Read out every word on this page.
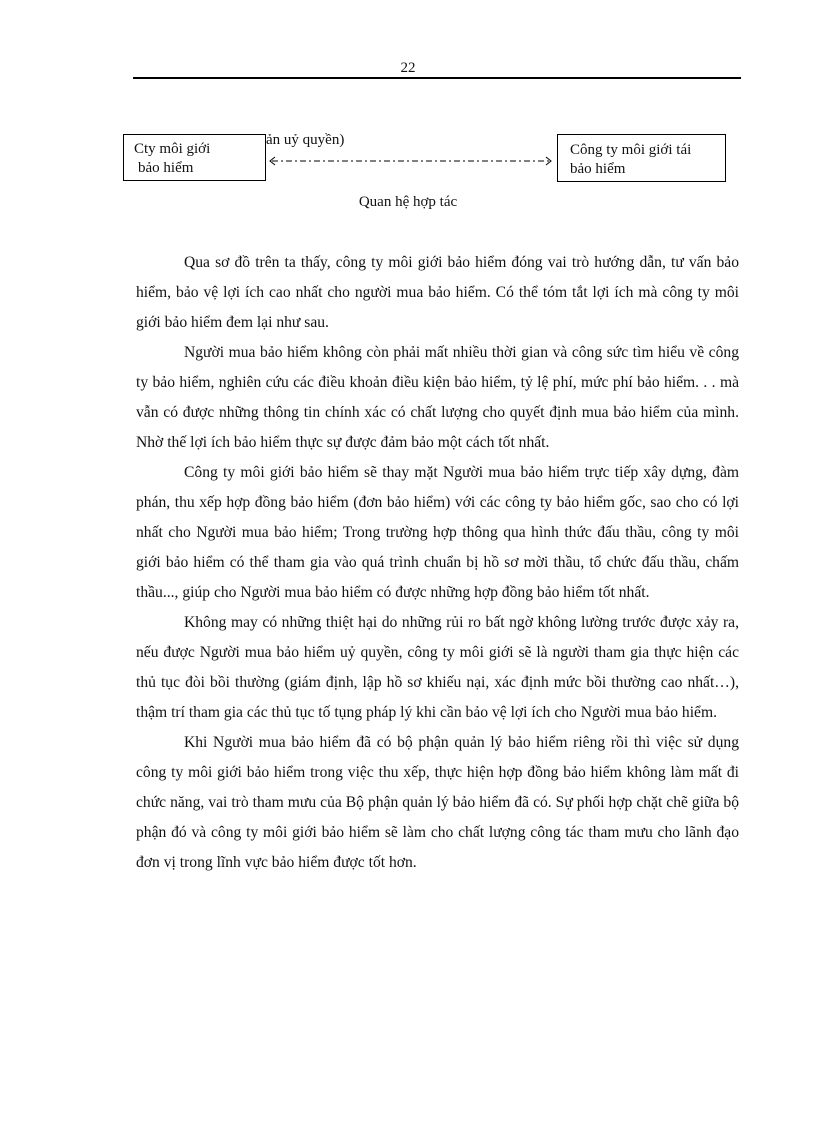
22
Cty môi giới
bảo hiểm
ản uỷ quyền)
Công ty môi giới tái
bảo hiểm
Quan hệ hợp tác

Qua sơ đồ trên ta thấy, công ty môi giới bảo hiểm đóng vai trò hướng dẫn, tư vấn bảo hiểm, bảo vệ lợi ích cao nhất cho người mua bảo hiểm. Có thể tóm tắt lợi ích mà công ty môi giới bảo hiểm đem lại như sau.

Người mua bảo hiểm không còn phải mất nhiều thời gian và công sức tìm hiểu về công ty bảo hiểm, nghiên cứu các điều khoản điều kiện bảo hiểm, tỷ lệ phí, mức phí bảo hiểm. . . mà vẫn có được những thông tin chính xác có chất lượng cho quyết định mua bảo hiểm của mình. Nhờ thế lợi ích bảo hiểm thực sự được đảm bảo một cách tốt nhất.

Công ty môi giới bảo hiểm sẽ thay mặt Người mua bảo hiểm trực tiếp xây dựng, đàm phán, thu xếp hợp đồng bảo hiểm (đơn bảo hiểm) với các công ty bảo hiểm gốc, sao cho có lợi nhất cho Người mua bảo hiểm; Trong trường hợp thông qua hình thức đấu thầu, công ty môi giới bảo hiểm có thể tham gia vào quá trình chuẩn bị hồ sơ mời thầu, tổ chức đấu thầu, chấm thầu..., giúp cho Người mua bảo hiểm có được những hợp đồng bảo hiểm tốt nhất.

Không may có những thiệt hại do những rủi ro bất ngờ không lường trước được xảy ra, nếu được Người mua bảo hiểm uỷ quyền, công ty môi giới sẽ là người tham gia thực hiện các thủ tục đòi bồi thường (giám định, lập hồ sơ khiếu nại, xác định mức bồi thường cao nhất…), thậm trí tham gia các thủ tục tố tụng pháp lý khi cần bảo vệ lợi ích cho Người mua bảo hiểm.

Khi Người mua bảo hiểm đã có bộ phận quản lý bảo hiểm riêng rồi thì việc sử dụng công ty môi giới bảo hiểm trong việc thu xếp, thực hiện hợp đồng bảo hiểm không làm mất đi chức năng, vai trò tham mưu của Bộ phận quản lý bảo hiểm đã có. Sự phối hợp chặt chẽ giữa bộ phận đó và công ty môi giới bảo hiểm sẽ làm cho chất lượng công tác tham mưu cho lãnh đạo đơn vị trong lĩnh vực bảo hiểm được tốt hơn.
